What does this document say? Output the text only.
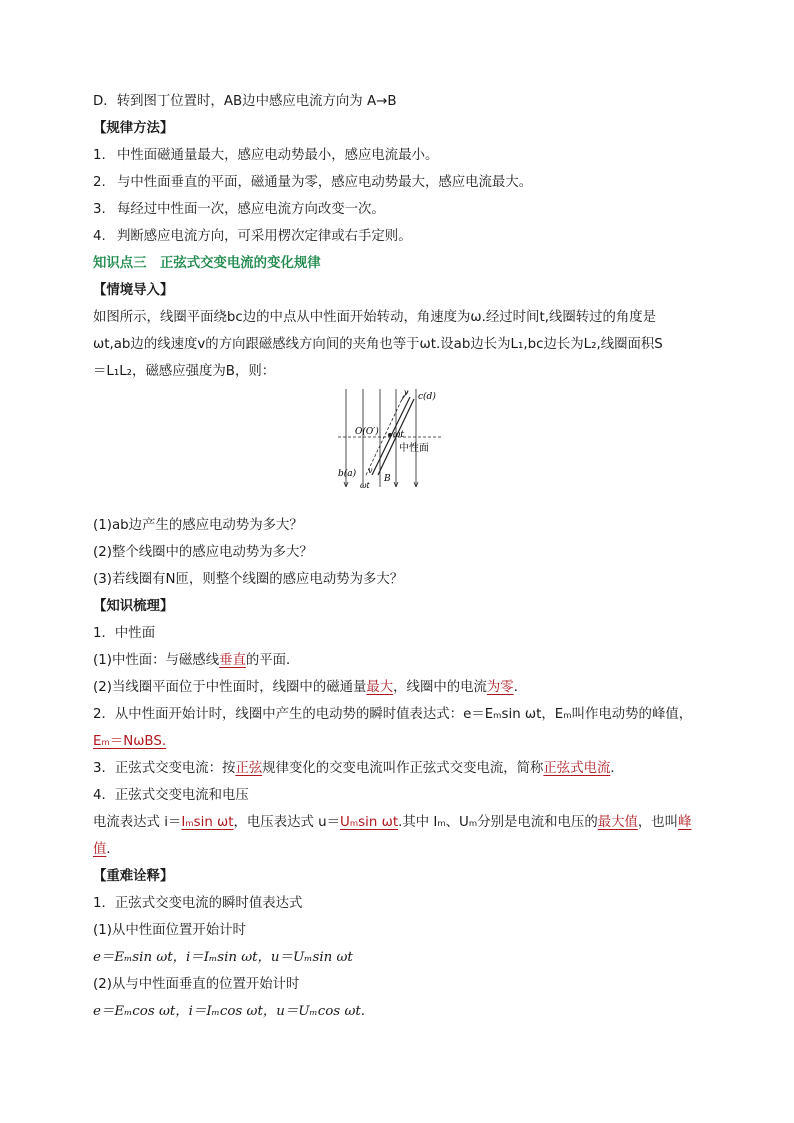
D．转到图丁位置时，AB边中感应电流方向为 A→B
【规律方法】
1. 中性面磁通量最大，感应电动势最小，感应电流最小。
2. 与中性面垂直的平面，磁通量为零，感应电动势最大，感应电流最大。
3. 每经过中性面一次，感应电流方向改变一次。
4. 判断感应电流方向，可采用楞次定律或右手定则。
知识点三　正弦式交变电流的变化规律
【情境导入】
如图所示，线圈平面绕bc边的中点从中性面开始转动，角速度为ω.经过时间t,线圈转过的角度是
ωt,ab边的线速度v的方向跟磁感线方向间的夹角也等于ωt.设ab边长为L₁,bc边长为L₂,线圈面积S
＝L₁L₂，磁感应强度为B，则：
c(d)
v
O(O′) ωt
中性面
b(a) v
ωt
B
(1)ab边产生的感应电动势为多大？
(2)整个线圈中的感应电动势为多大？
(3)若线圈有N匝，则整个线圈的感应电动势为多大？
【知识梳理】
1．中性面
(1)中性面：与磁感线垂直的平面．
(2)当线圈平面位于中性面时，线圈中的磁通量最大，线圈中的电流为零．
2．从中性面开始计时，线圈中产生的电动势的瞬时值表达式：e＝Eₘsin ωt，Eₘ叫作电动势的峰值，
Eₘ＝NωBS.
3．正弦式交变电流：按正弦规律变化的交变电流叫作正弦式交变电流，简称正弦式电流．
4．正弦式交变电流和电压
电流表达式 i＝Iₘsin ωt，电压表达式 u＝Uₘsin ωt.其中 Iₘ、Uₘ分别是电流和电压的最大值，也叫峰
值．
【重难诠释】
1．正弦式交变电流的瞬时值表达式
(1)从中性面位置开始计时
e＝Eₘsin ωt，i＝Iₘsin ωt，u＝Uₘsin ωt
(2)从与中性面垂直的位置开始计时
e＝Eₘcos ωt，i＝Iₘcos ωt，u＝Uₘcos ωt.
